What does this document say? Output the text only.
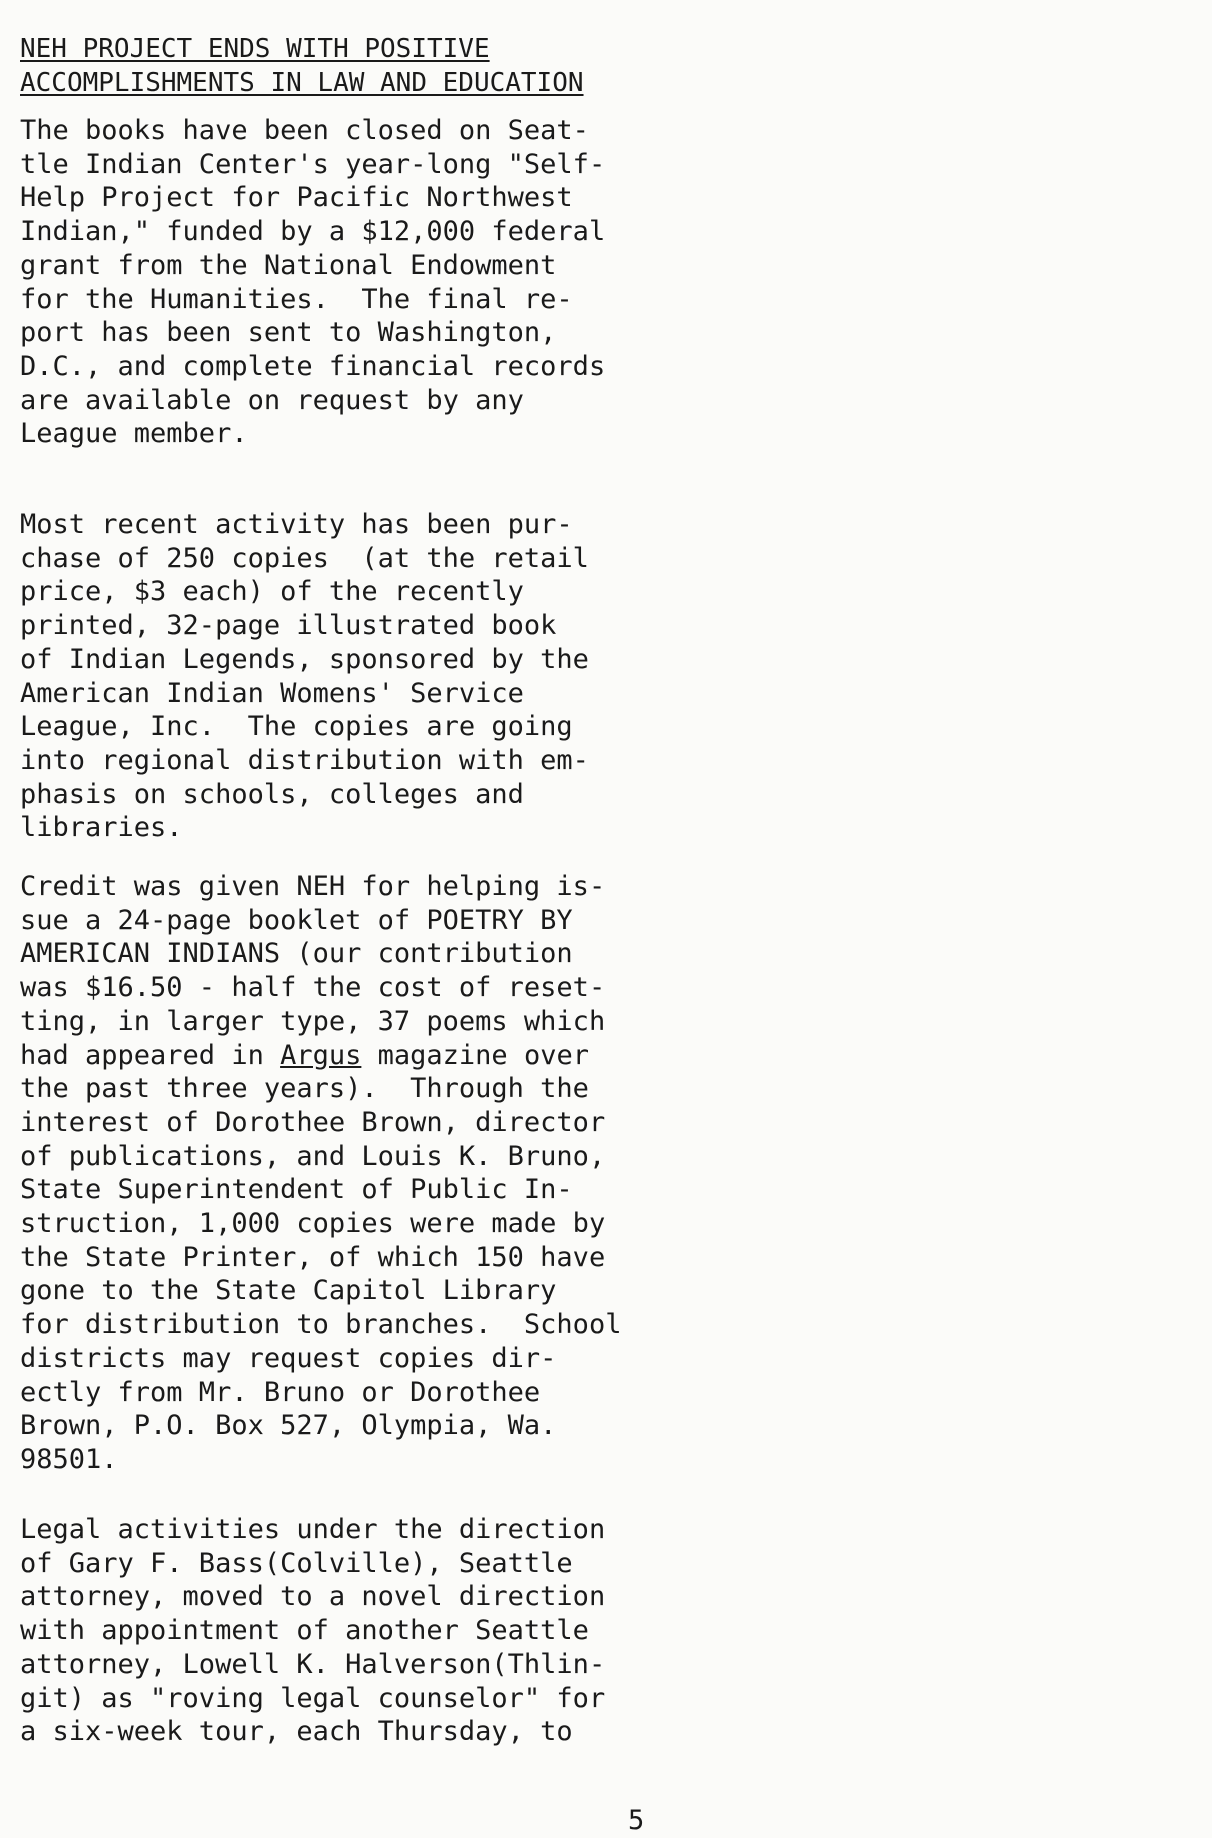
NEH PROJECT ENDS WITH POSITIVE
ACCOMPLISHMENTS IN LAW AND EDUCATION
The books have been closed on Seat-
tle Indian Center's year-long "Self-
Help Project for Pacific Northwest
Indian," funded by a $12,000 federal
grant from the National Endowment
for the Humanities.  The final re-
port has been sent to Washington,
D.C., and complete financial records
are available on request by any
League member.
Most recent activity has been pur-
chase of 250 copies  (at the retail
price, $3 each) of the recently
printed, 32-page illustrated book
of Indian Legends, sponsored by the
American Indian Womens' Service
League, Inc.  The copies are going
into regional distribution with em-
phasis on schools, colleges and
libraries.
Credit was given NEH for helping is-
sue a 24-page booklet of POETRY BY
AMERICAN INDIANS (our contribution
was $16.50 - half the cost of reset-
ting, in larger type, 37 poems which
had appeared in Argus magazine over
the past three years).  Through the
interest of Dorothee Brown, director
of publications, and Louis K. Bruno,
State Superintendent of Public In-
struction, 1,000 copies were made by
the State Printer, of which 150 have
gone to the State Capitol Library
for distribution to branches.  School
districts may request copies dir-
ectly from Mr. Bruno or Dorothee
Brown, P.O. Box 527, Olympia, Wa.
98501.
Legal activities under the direction
of Gary F. Bass(Colville), Seattle
attorney, moved to a novel direction
with appointment of another Seattle
attorney, Lowell K. Halverson(Thlin-
git) as "roving legal counselor" for
a six-week tour, each Thursday, to
5
